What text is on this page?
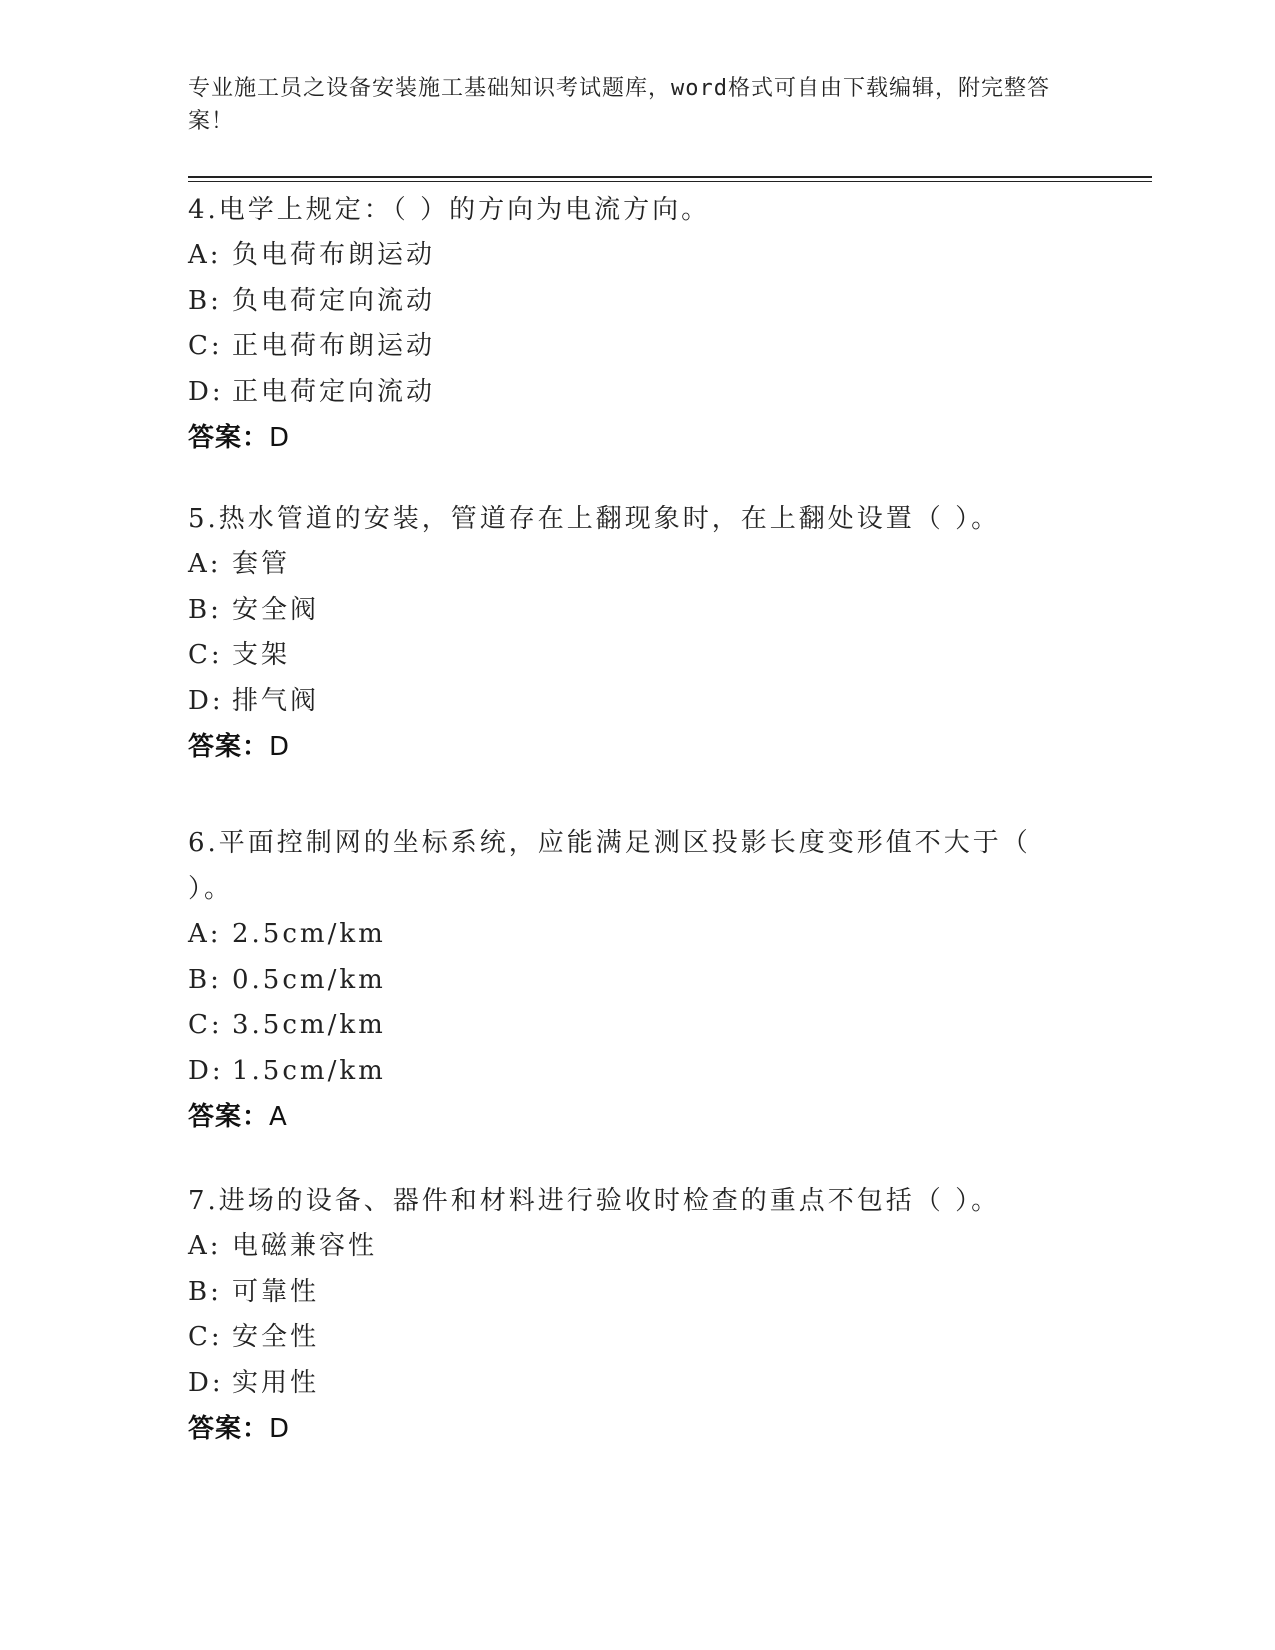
专业施工员之设备安装施工基础知识考试题库，word格式可自由下载编辑，附完整答案！
4.电学上规定：（ ）的方向为电流方向。
A: 负电荷布朗运动
B: 负电荷定向流动
C: 正电荷布朗运动
D: 正电荷定向流动
答案：D
5.热水管道的安装，管道存在上翻现象时，在上翻处设置（ ）。
A: 套管
B: 安全阀
C: 支架
D: 排气阀
答案：D
6.平面控制网的坐标系统，应能满足测区投影长度变形值不大于（ ）。
A: 2.5cm/km
B: 0.5cm/km
C: 3.5cm/km
D: 1.5cm/km
答案：A
7.进场的设备、器件和材料进行验收时检查的重点不包括（ ）。
A: 电磁兼容性
B: 可靠性
C: 安全性
D: 实用性
答案：D
